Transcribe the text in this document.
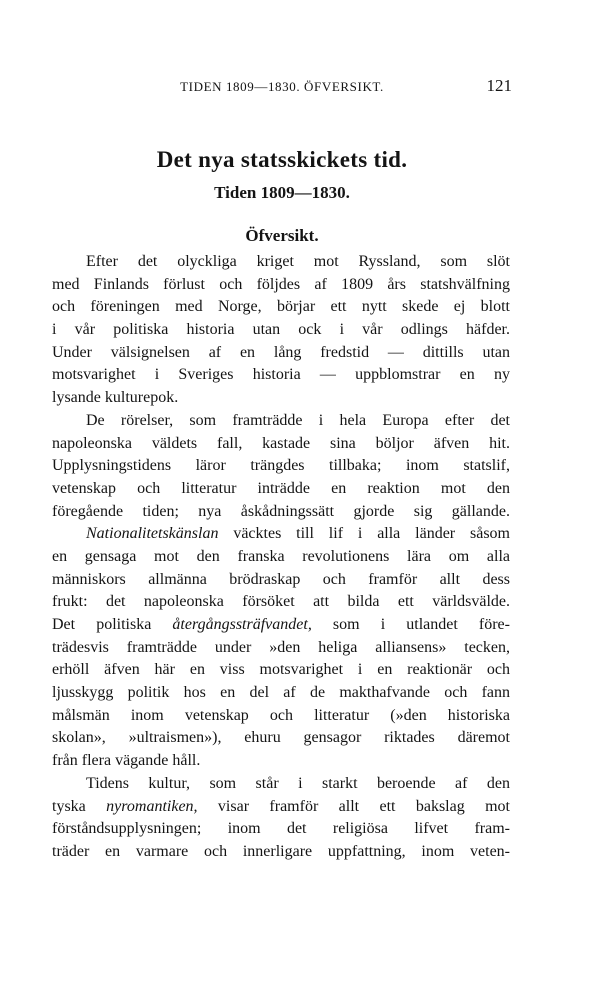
TIDEN 1809—1830. ÖFVERSIKT.	121
Det nya statsskickets tid.
Tiden 1809—1830.
Öfversikt.
Efter det olyckliga kriget mot Ryssland, som slöt
med Finlands förlust och följdes af 1809 års statshvälfning
och föreningen med Norge, börjar ett nytt skede ej blott
i vår politiska historia utan ock i vår odlings häfder.
Under välsignelsen af en lång fredstid — dittills utan
motsvarighet i Sveriges historia — uppblomstrar en ny
lysande kulturepok.
De rörelser, som framträdde i hela Europa efter det
napoleonska väldets fall, kastade sina böljor äfven hit.
Upplysningstidens läror trängdes tillbaka; inom statslif,
vetenskap och litteratur inträdde en reaktion mot den
föregående tiden; nya åskådningssätt gjorde sig gällande.
Nationalitetskänslan väcktes till lif i alla länder såsom
en gensaga mot den franska revolutionens lära om alla
människors allmänna brödraskap och framför allt dess
frukt: det napoleonska försöket att bilda ett världsvälde.
Det politiska återgångssträfvandet, som i utlandet före-
trädesvis framträdde under »den heliga alliansens» tecken,
erhöll äfven här en viss motsvarighet i en reaktionär och
ljusskygg politik hos en del af de makthafvande och fann
målsmän inom vetenskap och litteratur (»den historiska
skolan», »ultraismen»), ehuru gensagor riktades däremot
från flera vägande håll.
Tidens kultur, som står i starkt beroende af den
tyska nyromantiken, visar framför allt ett bakslag mot
förståndsupplysningen; inom det religiösa lifvet fram-
träder en varmare och innerligare uppfattning, inom veten-
